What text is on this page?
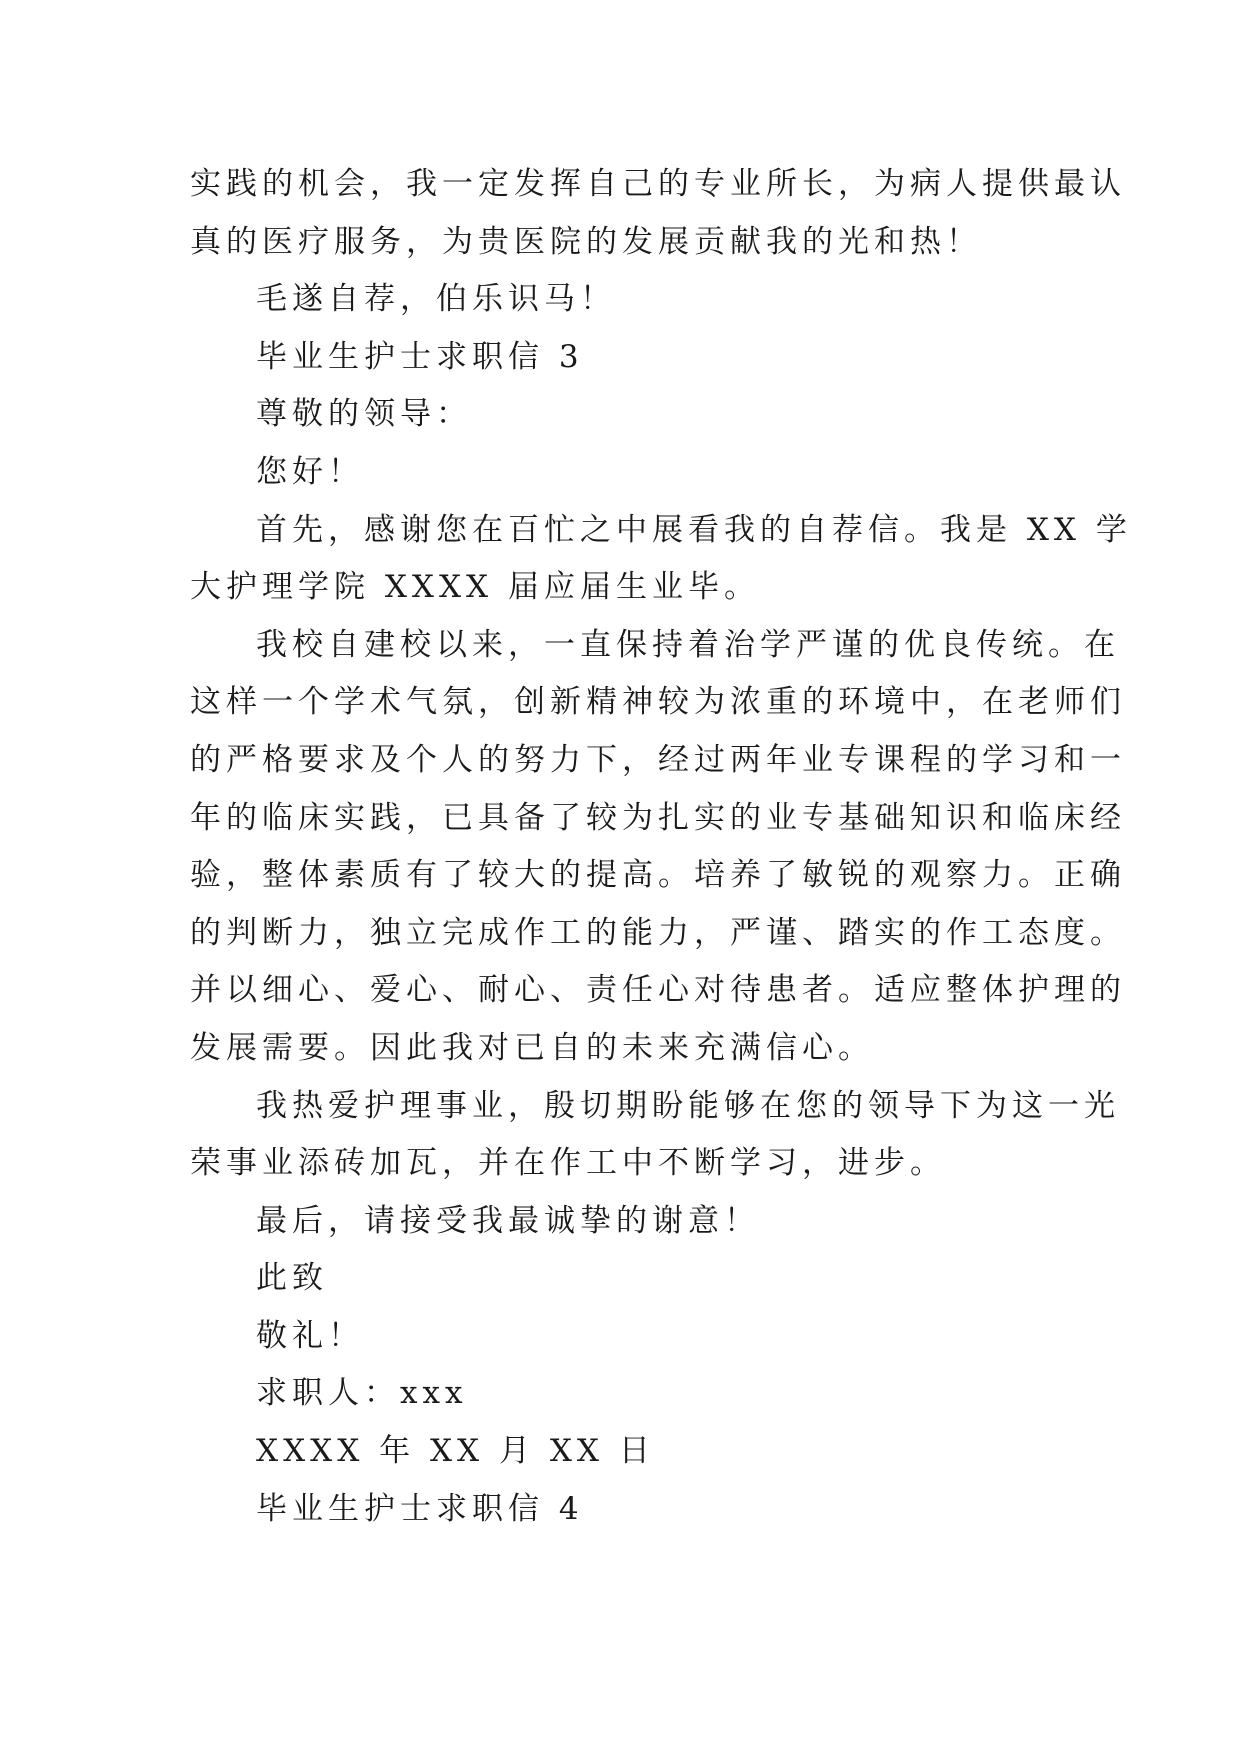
实践的机会，我一定发挥自己的专业所长，为病人提供最认
真的医疗服务，为贵医院的发展贡献我的光和热！
毛遂自荐，伯乐识马！
毕业生护士求职信 3
尊敬的领导：
您好！
首先，感谢您在百忙之中展看我的自荐信。我是 XX 学
大护理学院 XXXX 届应届生业毕。
我校自建校以来，一直保持着治学严谨的优良传统。在
这样一个学术气氛，创新精神较为浓重的环境中，在老师们
的严格要求及个人的努力下，经过两年业专课程的学习和一
年的临床实践，已具备了较为扎实的业专基础知识和临床经
验，整体素质有了较大的提高。培养了敏锐的观察力。正确
的判断力，独立完成作工的能力，严谨、踏实的作工态度。
并以细心、爱心、耐心、责任心对待患者。适应整体护理的
发展需要。因此我对已自的未来充满信心。
我热爱护理事业，殷切期盼能够在您的领导下为这一光
荣事业添砖加瓦，并在作工中不断学习，进步。
最后，请接受我最诚挚的谢意！
此致
敬礼！
求职人：xxx
XXXX 年 XX 月 XX 日
毕业生护士求职信 4
